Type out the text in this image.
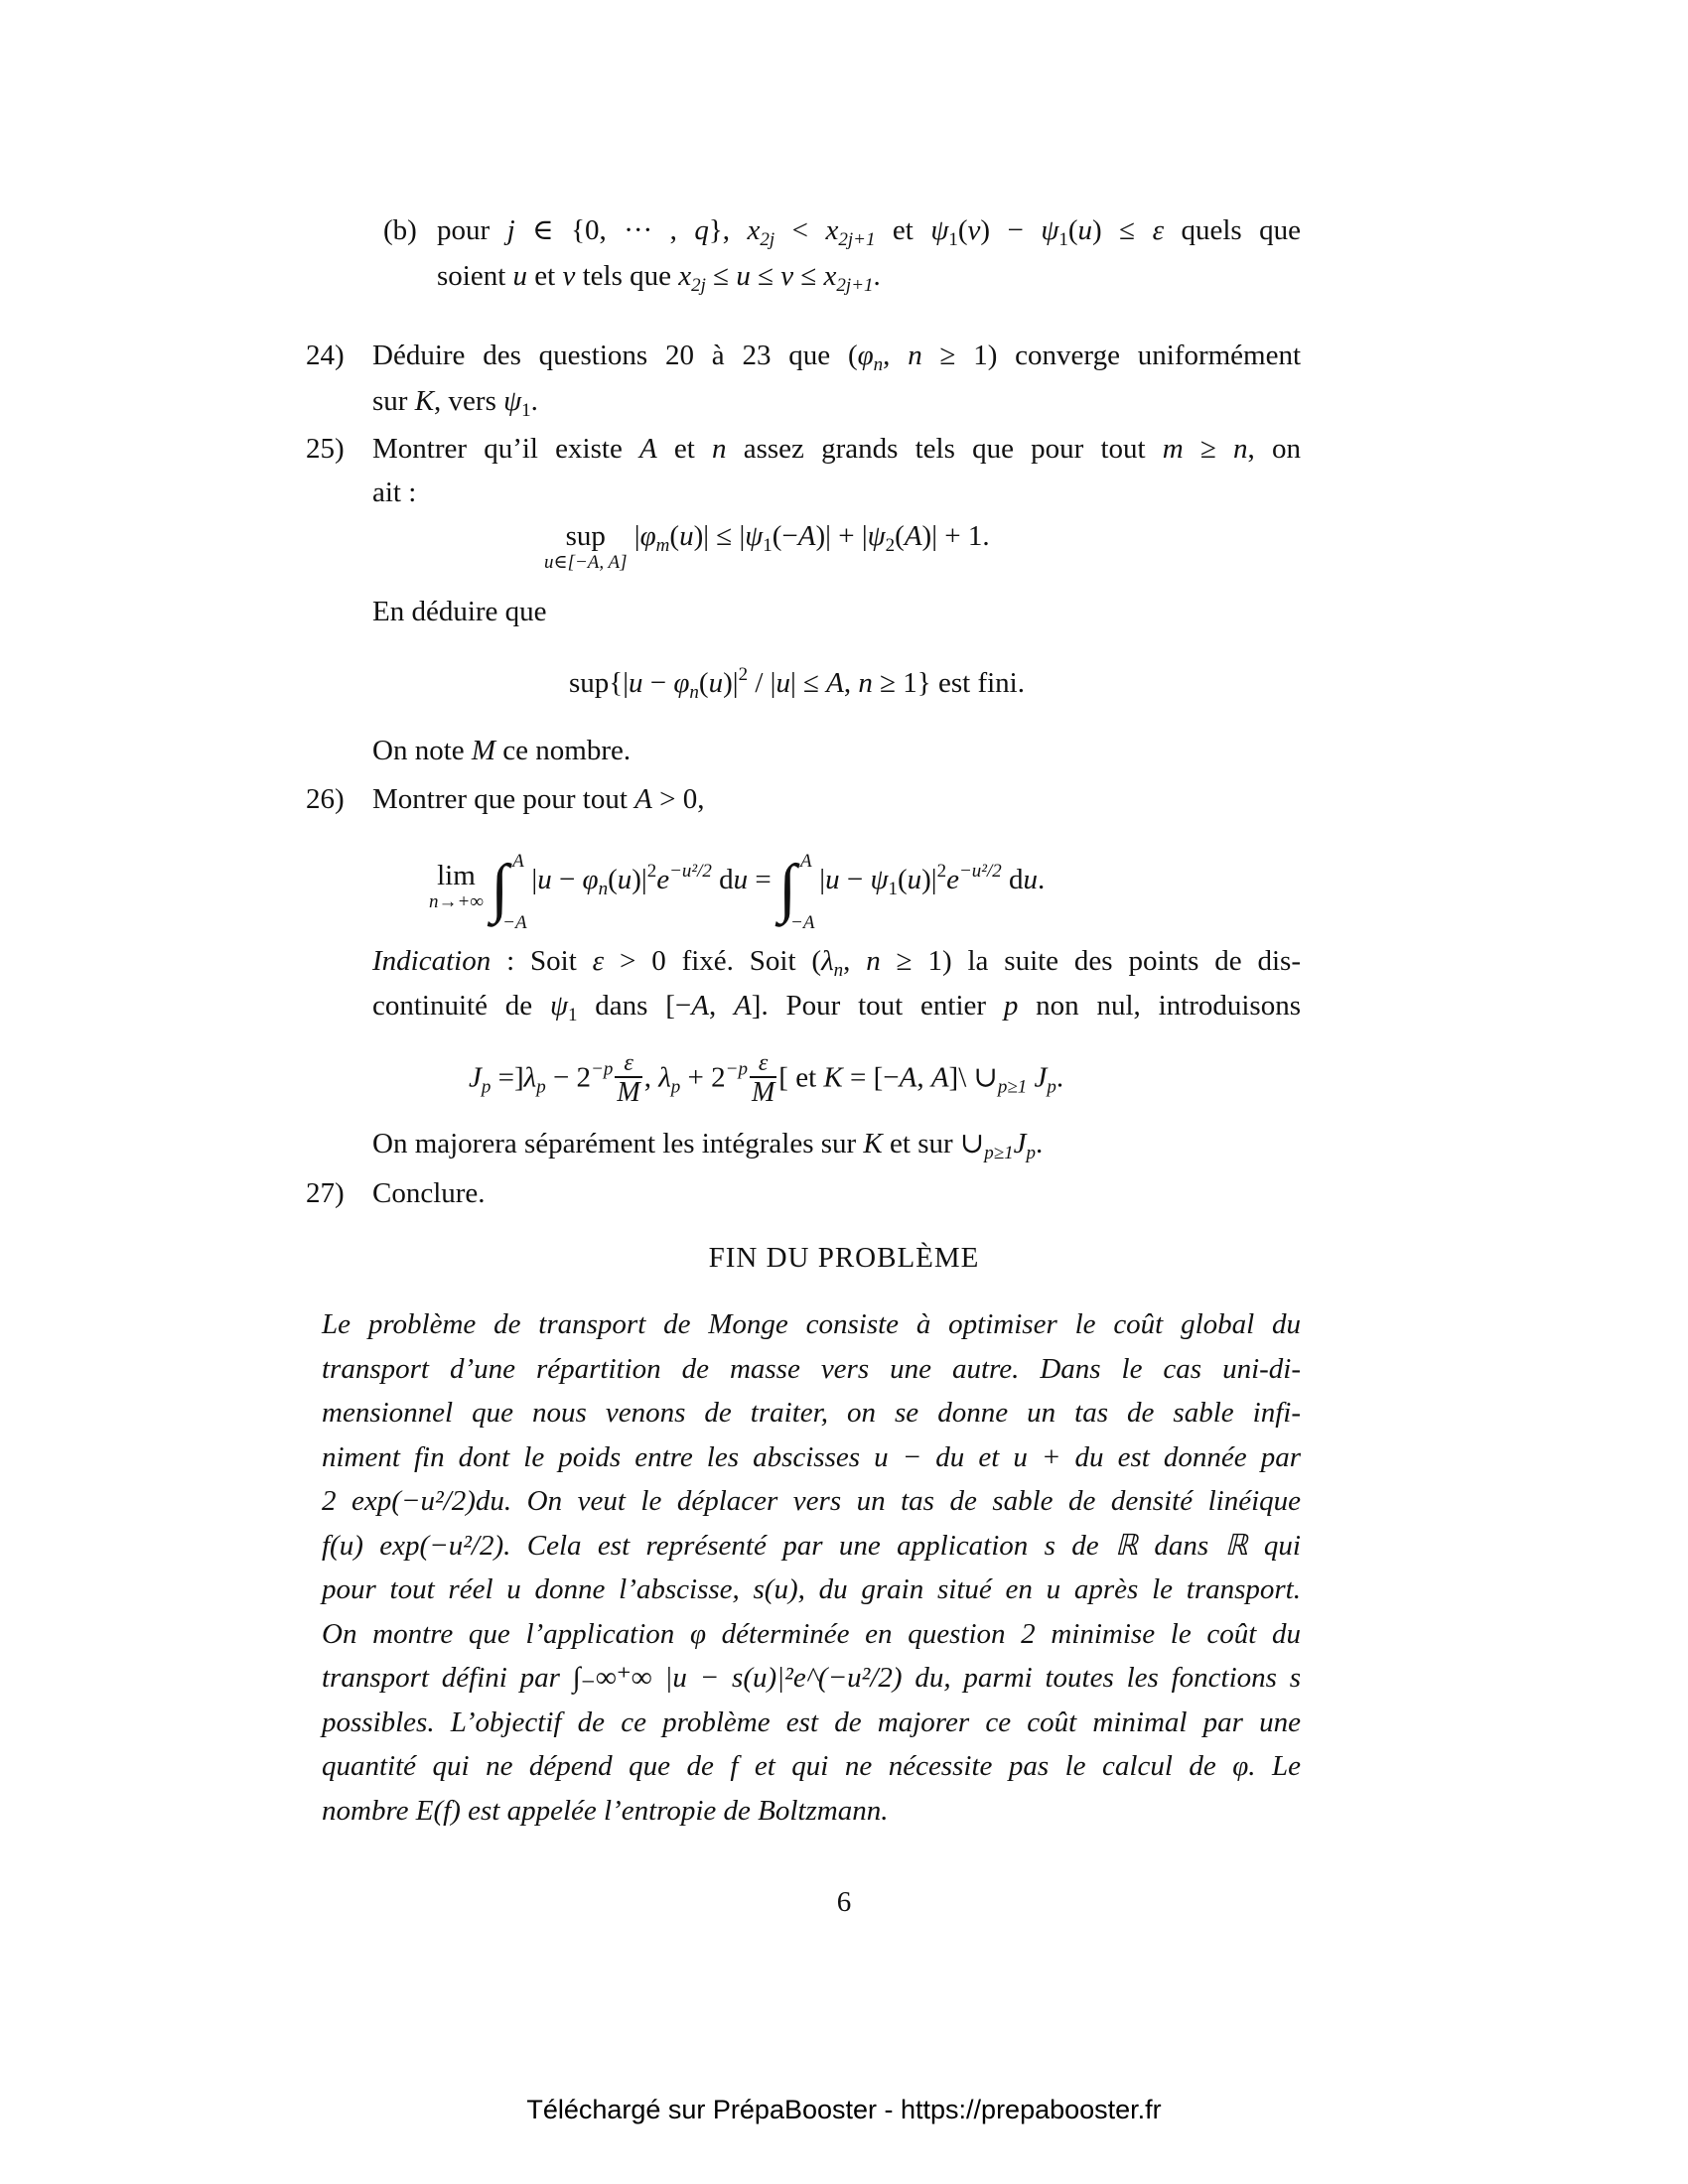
(b) pour j ∈ {0, ··· , q}, $x_{2j} < x_{2j+1}$ et $\psi_1(v) - \psi_1(u) \le \varepsilon$ quels que
soient u et v tels que $x_{2j} \le u \le v \le x_{2j+1}$.
24) Déduire des questions 20 à 23 que ($\varphi_n$, n ≥ 1) converge uniformément
sur K, vers $\psi_1$.
25) Montrer qu’il existe A et n assez grands tels que pour tout m ≥ n, on
ait :
sup
u∈[−A, A]
$|\varphi_m(u)| \le |\psi_1(-A)| + |\psi_2(A)| + 1$.
En déduire que
$sup\{|u - \varphi_n(u)|^2 / |u| \le A$, n ≥ 1} est fini.
On note M ce nombre.
26) Montrer que pour tout A > 0,
lim
n→+∞
∫ A
−A
$|u - \varphi_n(u)|^2e^{-u^2/2}$ du = ∫ A
−A
$|u - \psi_1(u)|^2e^{-u^2/2}$ du.
Indication : Soit ε > 0 fixé. Soit ($\lambda_n$, n ≥ 1) la suite des points de dis-
continuité de $\psi_1$ dans [−A, A]. Pour tout entier p non nul, introduisons
$J_p =]\lambda_p - 2^{-p} \frac{\varepsilon}{M}$ , $\lambda_p + 2^{-p} \frac{\varepsilon}{M}$ [ et K = [−A, A]\ $\cup_{p\ge 1}$ $J_p$.
On majorera séparément les intégrales sur K et sur $\cup_{p\ge 1}J_p$.
27) Conclure.
FIN DU PROBLÈME
Le problème de transport de Monge consiste à optimiser le coût global du
transport d’une répartition de masse vers une autre. Dans le cas uni-di-
mensionnel que nous venons de traiter, on se donne un tas de sable infi-
niment fin dont le poids entre les abscisses u − du et u + du est donnée par
2 exp(−u²/2)du. On veut le déplacer vers un tas de sable de densité linéique
f(u) exp(−u²/2). Cela est représenté par une application s de ℝ dans ℝ qui
pour tout réel u donne l’abscisse, s(u), du grain situé en u après le transport.
On montre que l’application φ déterminée en question 2 minimise le coût du
transport défini par ∫₋∞⁺∞ |u − s(u)|²e^(−u²/2) du, parmi toutes les fonctions s
possibles. L’objectif de ce problème est de majorer ce coût minimal par une
quantité qui ne dépend que de f et qui ne nécessite pas le calcul de φ. Le
nombre E(f) est appelée l’entropie de Boltzmann.
6
Téléchargé sur PrépaBooster - https://prepabooster.fr
